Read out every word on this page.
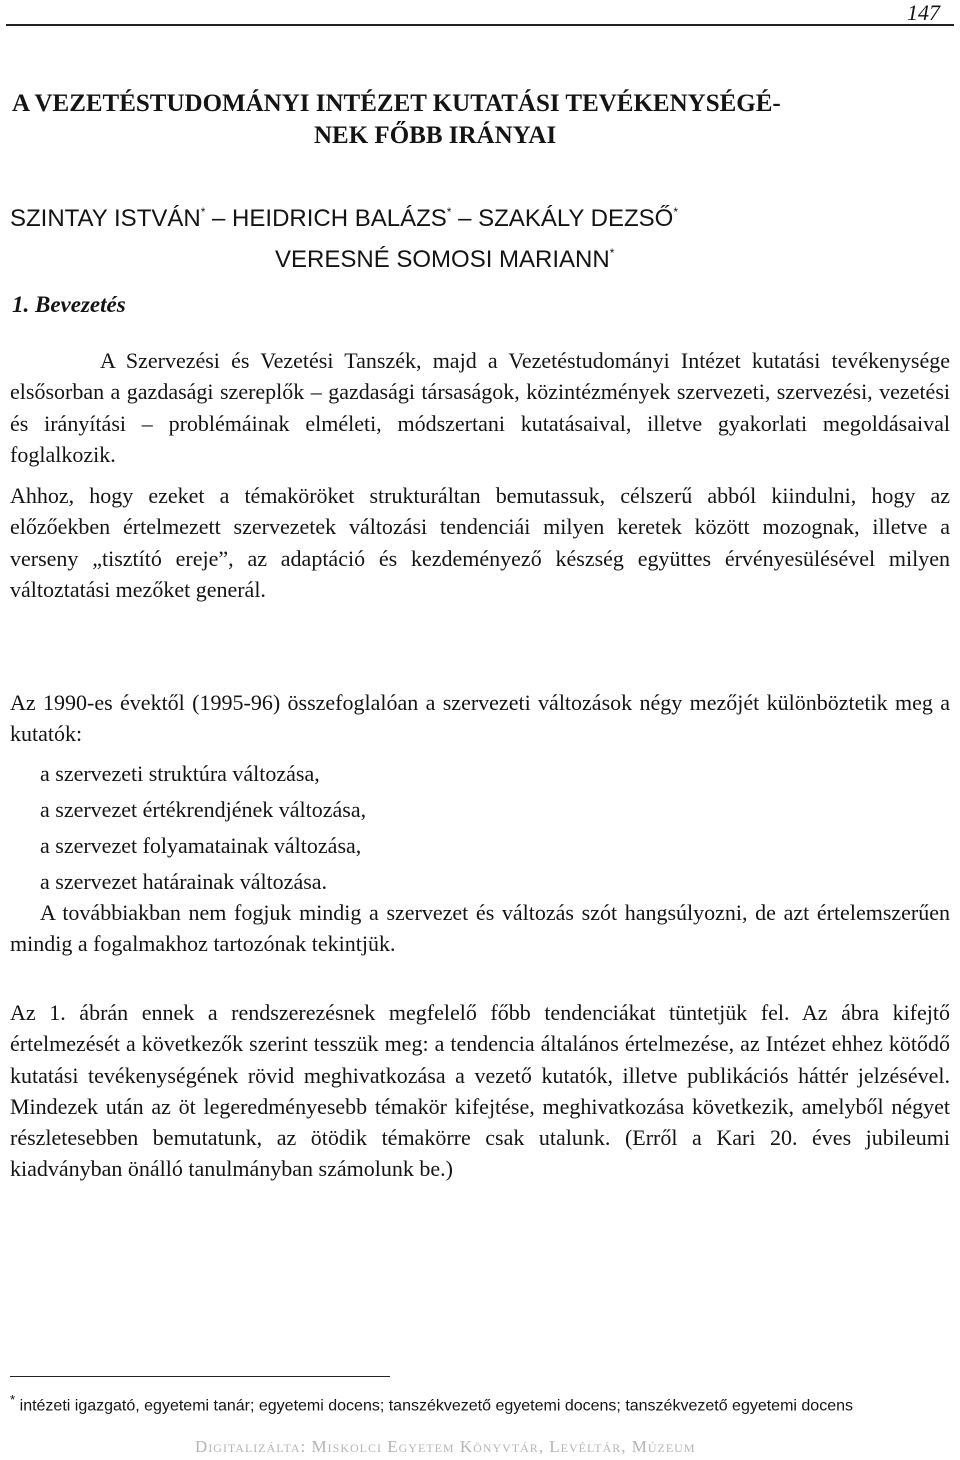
147
A VEZETÉSTUDOMÁNYI INTÉZET KUTATÁSI TEVÉKENYSÉGÉ-
NEK FŐBB IRÁNYAI
SZINTAY ISTVÁN* – HEIDRICH BALÁZS* – SZAKÁLY DEZSŐ*
VERESNÉ SOMOSI MARIANN*
1. Bevezetés

A Szervezési és Vezetési Tanszék, majd a Vezetéstudományi Intézet kutatási tevékenysége elsősorban a gazdasági szereplők – gazdasági társaságok, közintézmények szervezeti, szervezési, vezetési és irányítási – problémáinak elméleti, módszertani kutatásaival, illetve gyakorlati megoldásaival foglalkozik.

Ahhoz, hogy ezeket a témaköröket strukturáltan bemutassuk, célszerű abból kiindulni, hogy az előzőekben értelmezett szervezetek változási tendenciái milyen keretek között mozognak, illetve a verseny „tisztító ereje”, az adaptáció és kezdeményező készség együttes érvényesülésével milyen változtatási mezőket generál.

Az 1990-es évektől (1995-96) összefoglalóan a szervezeti változások négy mezőjét különböztetik meg a kutatók:

a szervezeti struktúra változása,
a szervezet értékrendjének változása,
a szervezet folyamatainak változása,
a szervezet határainak változása.

A továbbiakban nem fogjuk mindig a szervezet és változás szót hangsúlyozni, de azt értelemszerűen mindig a fogalmakhoz tartozónak tekintjük.

Az 1. ábrán ennek a rendszerezésnek megfelelő főbb tendenciákat tüntetjük fel. Az ábra kifejtő értelmezését a következők szerint tesszük meg: a tendencia általános értelmezése, az Intézet ehhez kötődő kutatási tevékenységének rövid meghivatkozása a vezető kutatók, illetve publikációs háttér jelzésével. Mindezek után az öt legeredményesebb témakör kifejtése, meghivatkozása következik, amelyből négyet részletesebben bemutatunk, az ötödik témakörre csak utalunk. (Erről a Kari 20. éves jubileumi kiadványban önálló tanulmányban számolunk be.)

* intézeti igazgató, egyetemi tanár; egyetemi docens; tanszékvezető egyetemi docens; tanszékvezető egyetemi docens
Digitalizálta: Miskolci Egyetem Könyvtár, Levéltár, Múzeum
